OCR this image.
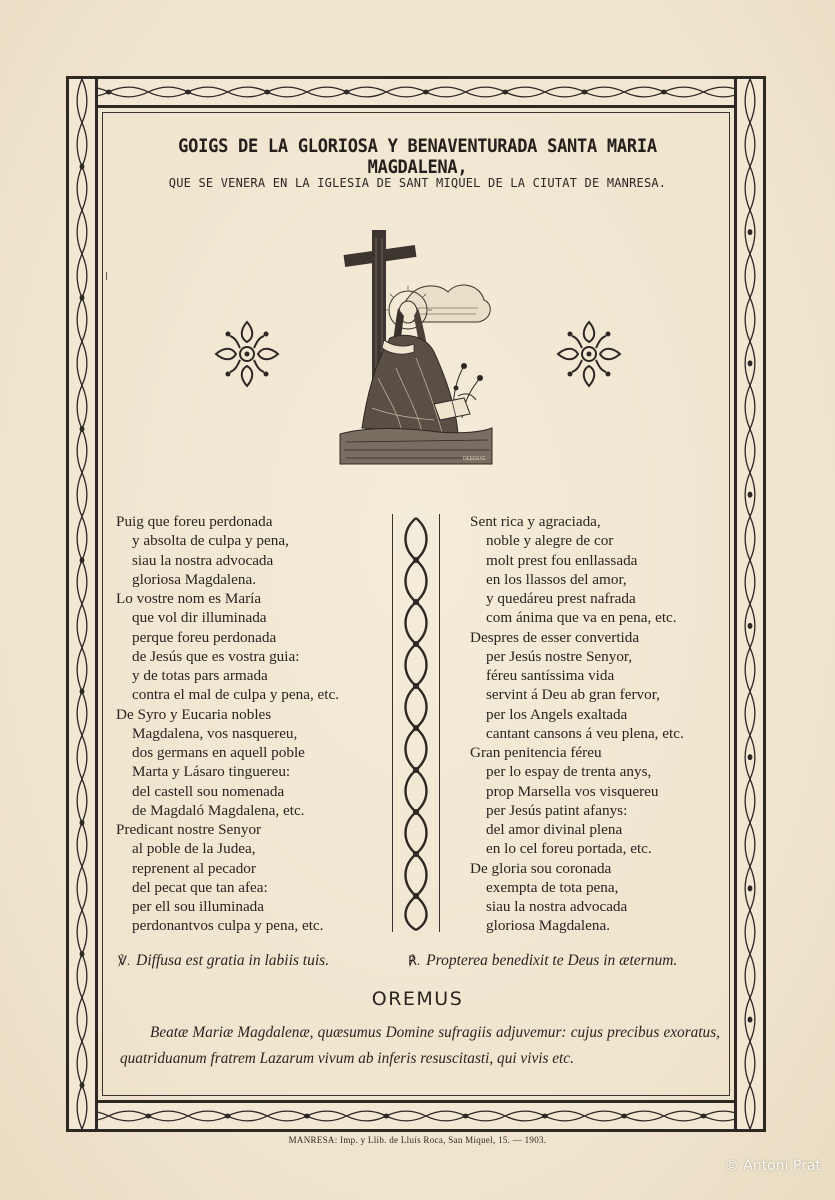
GOIGS DE LA GLORIOSA Y BENAVENTURADA SANTA MARIA MAGDALENA,
QUE SE VENERA EN LA IGLESIA DE SANT MIQUEL DE LA CIUTAT DE MANRESA.
DEBERNE
Puig que foreu perdonada
y absolta de culpa y pena,
siau la nostra advocada
gloriosa Magdalena.
Lo vostre nom es María
que vol dir illuminada
perque foreu perdonada
de Jesús que es vostra guia:
y de totas pars armada
contra el mal de culpa y pena, etc.
De Syro y Eucaria nobles
Magdalena, vos nasquereu,
dos germans en aquell poble
Marta y Lásaro tinguereu:
del castell sou nomenada
de Magdaló Magdalena, etc.
Predicant nostre Senyor
al poble de la Judea,
reprenent al pecador
del pecat que tan afea:
per ell sou illuminada
perdonantvos culpa y pena, etc.
Sent rica y agraciada,
noble y alegre de cor
molt prest fou enllassada
en los llassos del amor,
y quedáreu prest nafrada
com ánima que va en pena, etc.
Despres de esser convertida
per Jesús nostre Senyor,
féreu santíssima vida
servint á Deu ab gran fervor,
per los Angels exaltada
cantant cansons á veu plena, etc.
Gran penitencia féreu
per lo espay de trenta anys,
prop Marsella vos visquereu
per Jesús patint afanys:
del amor divinal plena
en lo cel foreu portada, etc.
De gloria sou coronada
exempta de tota pena,
siau la nostra advocada
gloriosa Magdalena.
℣. Diffusa est gratia in labiis tuis.	℟. Propterea benedixit te Deus in æternum.
OREMUS
Beatæ Mariæ Magdalenæ, quæsumus Domine sufragiis adjuvemur: cujus precibus exoratus, quatriduanum fratrem Lazarum vivum ab inferis resuscitasti, qui vivis etc.
MANRESA: Imp. y Llib. de Lluís Roca, San Miquel, 15. — 1903.
© Antoni Prat
